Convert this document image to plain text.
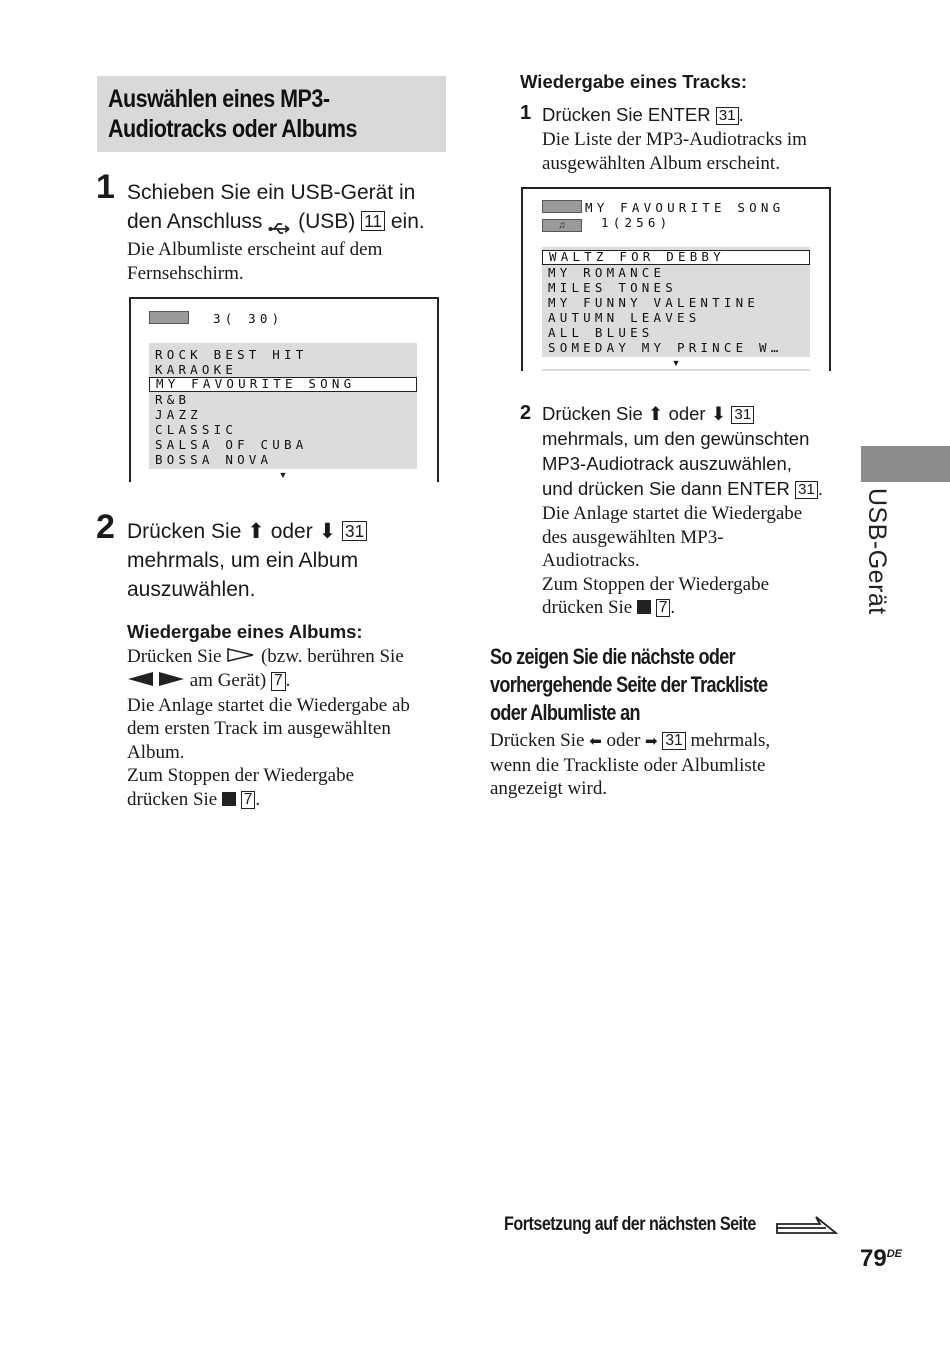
Auswählen eines MP3-
Audiotracks oder Albums
1 Schieben Sie ein USB-Gerät in
den Anschluss (USB) 11 ein.
Die Albumliste erscheint auf dem
Fernsehschirm.
3( 30)
ROCK BEST HIT
KARAOKE
MY FAVOURITE SONG
R&B
JAZZ
CLASSIC
SALSA OF CUBA
BOSSA NOVA
▼
2 Drücken Sie ⬆ oder ⬇ 31
mehrmals, um ein Album
auszuwählen.
Wiedergabe eines Albums:
Drücken Sie (bzw. berühren Sie
am Gerät) 7 .
Die Anlage startet die Wiedergabe ab
dem ersten Track im ausgewählten
Album.
Zum Stoppen der Wiedergabe
drücken Sie 7 .
Wiedergabe eines Tracks:
1 Drücken Sie ENTER 31 .
Die Liste der MP3-Audiotracks im
ausgewählten Album erscheint.
MY FAVOURITE SONG
♫	1(256)
WALTZ FOR DEBBY
MY ROMANCE
MILES TONES
MY FUNNY VALENTINE
AUTUMN LEAVES
ALL BLUES
SOMEDAY MY PRINCE W…
▼
2 Drücken Sie ⬆ oder ⬇ 31
mehrmals, um den gewünschten
MP3-Audiotrack auszuwählen,
und drücken Sie dann ENTER 31 .
Die Anlage startet die Wiedergabe
des ausgewählten MP3-
Audiotracks.
Zum Stoppen der Wiedergabe
drücken Sie 7 .
So zeigen Sie die nächste oder
vorhergehende Seite der Trackliste
oder Albumliste an
Drücken Sie ⬅ oder ➡ 31 mehrmals,
wenn die Trackliste oder Albumliste
angezeigt wird.
USB-Gerät
Fortsetzung auf der nächsten Seite
79DE
